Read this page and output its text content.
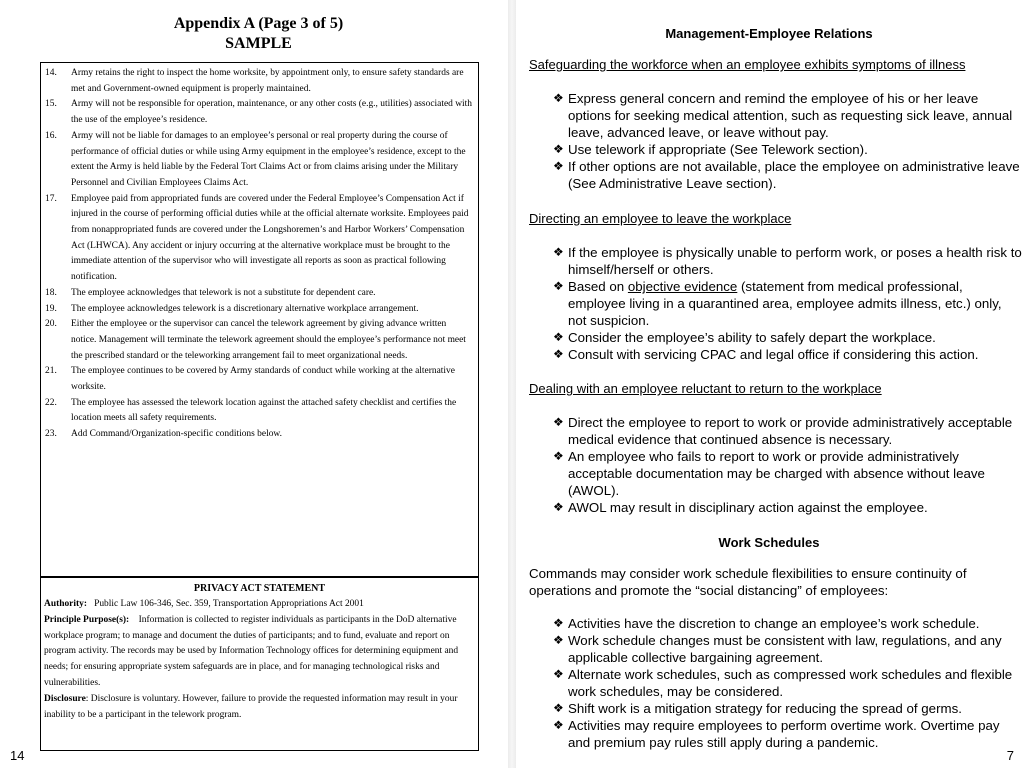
Appendix A (Page 3 of 5)
SAMPLE
14.	Army retains the right to inspect the home worksite, by appointment only, to ensure safety standards are met and Government-owned equipment is properly maintained.
15.	Army will not be responsible for operation, maintenance, or any other costs (e.g., utilities) associated with the use of the employee’s residence.
16.	Army will not be liable for damages to an employee’s personal or real property during the course of performance of official duties or while using Army equipment in the employee’s residence, except to the extent the Army is held liable by the Federal Tort Claims Act or from claims arising under the Military Personnel and Civilian Employees Claims Act.
17.	Employee paid from appropriated funds are covered under the Federal Employee’s Compensation Act if injured in the course of performing official duties while at the official alternate worksite. Employees paid from nonappropriated funds are covered under the Longshoremen’s and Harbor Workers’ Compensation Act (LHWCA). Any accident or injury occurring at the alternative workplace must be brought to the immediate attention of the supervisor who will investigate all reports as soon as practical following notification.
18.	The employee acknowledges that telework is not a substitute for dependent care.
19.	The employee acknowledges telework is a discretionary alternative workplace arrangement.
20.	Either the employee or the supervisor can cancel the telework agreement by giving advance written notice. Management will terminate the telework agreement should the employee’s performance not meet the prescribed standard or the teleworking arrangement fail to meet organizational needs.
21.	The employee continues to be covered by Army standards of conduct while working at the alternative worksite.
22.	The employee has assessed the telework location against the attached safety checklist and certifies the location meets all safety requirements.
23.	Add Command/Organization-specific conditions below.
PRIVACY ACT STATEMENT
Authority: Public Law 106-346, Sec. 359, Transportation Appropriations Act 2001
Principle Purpose(s): Information is collected to register individuals as participants in the DoD alternative workplace program; to manage and document the duties of participants; and to fund, evaluate and report on program activity. The records may be used by Information Technology offices for determining equipment and needs; for ensuring appropriate system safeguards are in place, and for managing technological risks and vulnerabilities.
Disclosure: Disclosure is voluntary. However, failure to provide the requested information may result in your inability to be a participant in the telework program.
14
Management-Employee Relations
Safeguarding the workforce when an employee exhibits symptoms of illness
❖ Express general concern and remind the employee of his or her leave options for seeking medical attention, such as requesting sick leave, annual leave, advanced leave, or leave without pay.
❖ Use telework if appropriate (See Telework section).
❖ If other options are not available, place the employee on administrative leave (See Administrative Leave section).
Directing an employee to leave the workplace
❖ If the employee is physically unable to perform work, or poses a health risk to himself/herself or others.
❖ Based on objective evidence (statement from medical professional, employee living in a quarantined area, employee admits illness, etc.) only, not suspicion.
❖ Consider the employee’s ability to safely depart the workplace.
❖ Consult with servicing CPAC and legal office if considering this action.
Dealing with an employee reluctant to return to the workplace
❖ Direct the employee to report to work or provide administratively acceptable medical evidence that continued absence is necessary.
❖ An employee who fails to report to work or provide administratively acceptable documentation may be charged with absence without leave (AWOL).
❖ AWOL may result in disciplinary action against the employee.
Work Schedules
Commands may consider work schedule flexibilities to ensure continuity of operations and promote the “social distancing” of employees:
❖ Activities have the discretion to change an employee’s work schedule.
❖ Work schedule changes must be consistent with law, regulations, and any applicable collective bargaining agreement.
❖ Alternate work schedules, such as compressed work schedules and flexible work schedules, may be considered.
❖ Shift work is a mitigation strategy for reducing the spread of germs.
❖ Activities may require employees to perform overtime work. Overtime pay and premium pay rules still apply during a pandemic.
7
